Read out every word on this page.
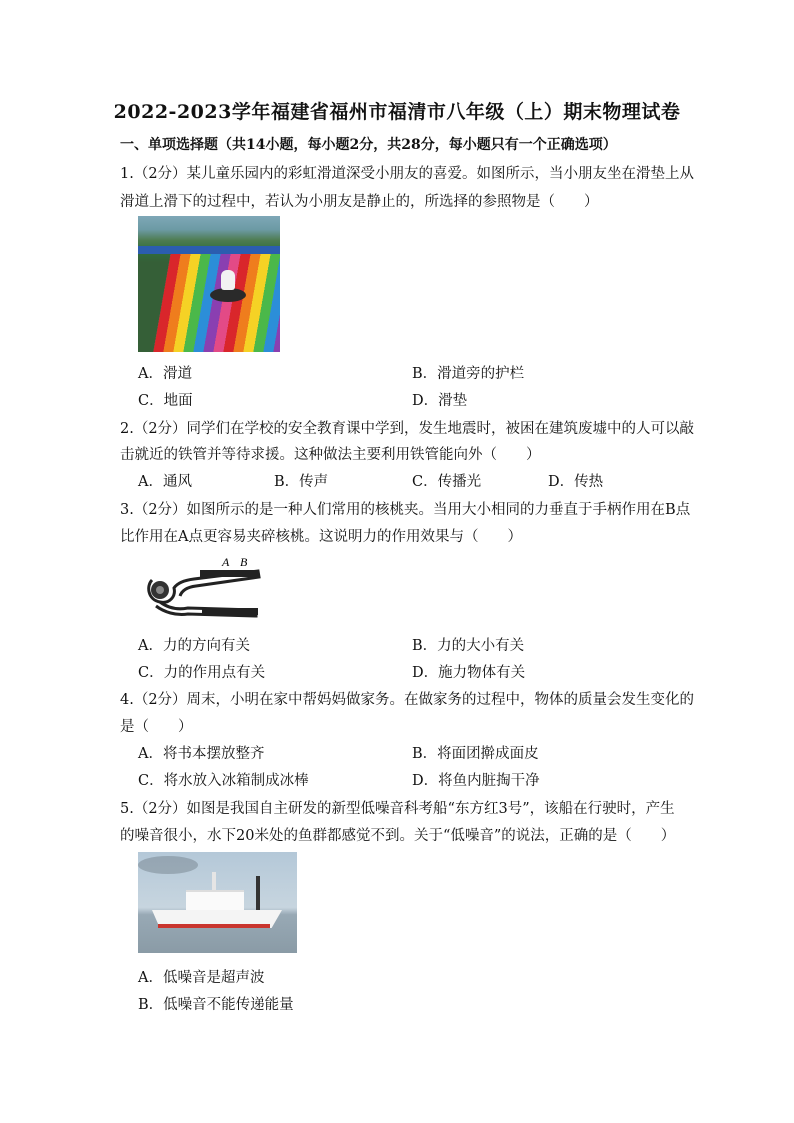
2022-2023学年福建省福州市福清市八年级（上）期末物理试卷
一、单项选择题（共14小题，每小题2分，共28分，每小题只有一个正确选项）
1.（2分）某儿童乐园内的彩虹滑道深受小朋友的喜爱。如图所示，当小朋友坐在滑垫上从
滑道上滑下的过程中，若认为小朋友是静止的，所选择的参照物是（　　）
A．滑道	B．滑道旁的护栏
C．地面	D．滑垫
2.（2分）同学们在学校的安全教育课中学到，发生地震时，被困在建筑废墟中的人可以敲
击就近的铁管并等待求援。这种做法主要利用铁管能向外（　　）
A．通风	B．传声	C．传播光	D．传热
3.（2分）如图所示的是一种人们常用的核桃夹。当用大小相同的力垂直于手柄作用在B点
比作用在A点更容易夹碎核桃。这说明力的作用效果与（　　）
A B
A．力的方向有关	B．力的大小有关
C．力的作用点有关	D．施力物体有关
4.（2分）周末，小明在家中帮妈妈做家务。在做家务的过程中，物体的质量会发生变化的
是（　　）
A．将书本摆放整齐	B．将面团擀成面皮
C．将水放入冰箱制成冰棒	D．将鱼内脏掏干净
5.（2分）如图是我国自主研发的新型低噪音科考船“东方红3号”，该船在行驶时，产生
的噪音很小，水下20米处的鱼群都感觉不到。关于“低噪音”的说法，正确的是（　　）
A．低噪音是超声波
B．低噪音不能传递能量
